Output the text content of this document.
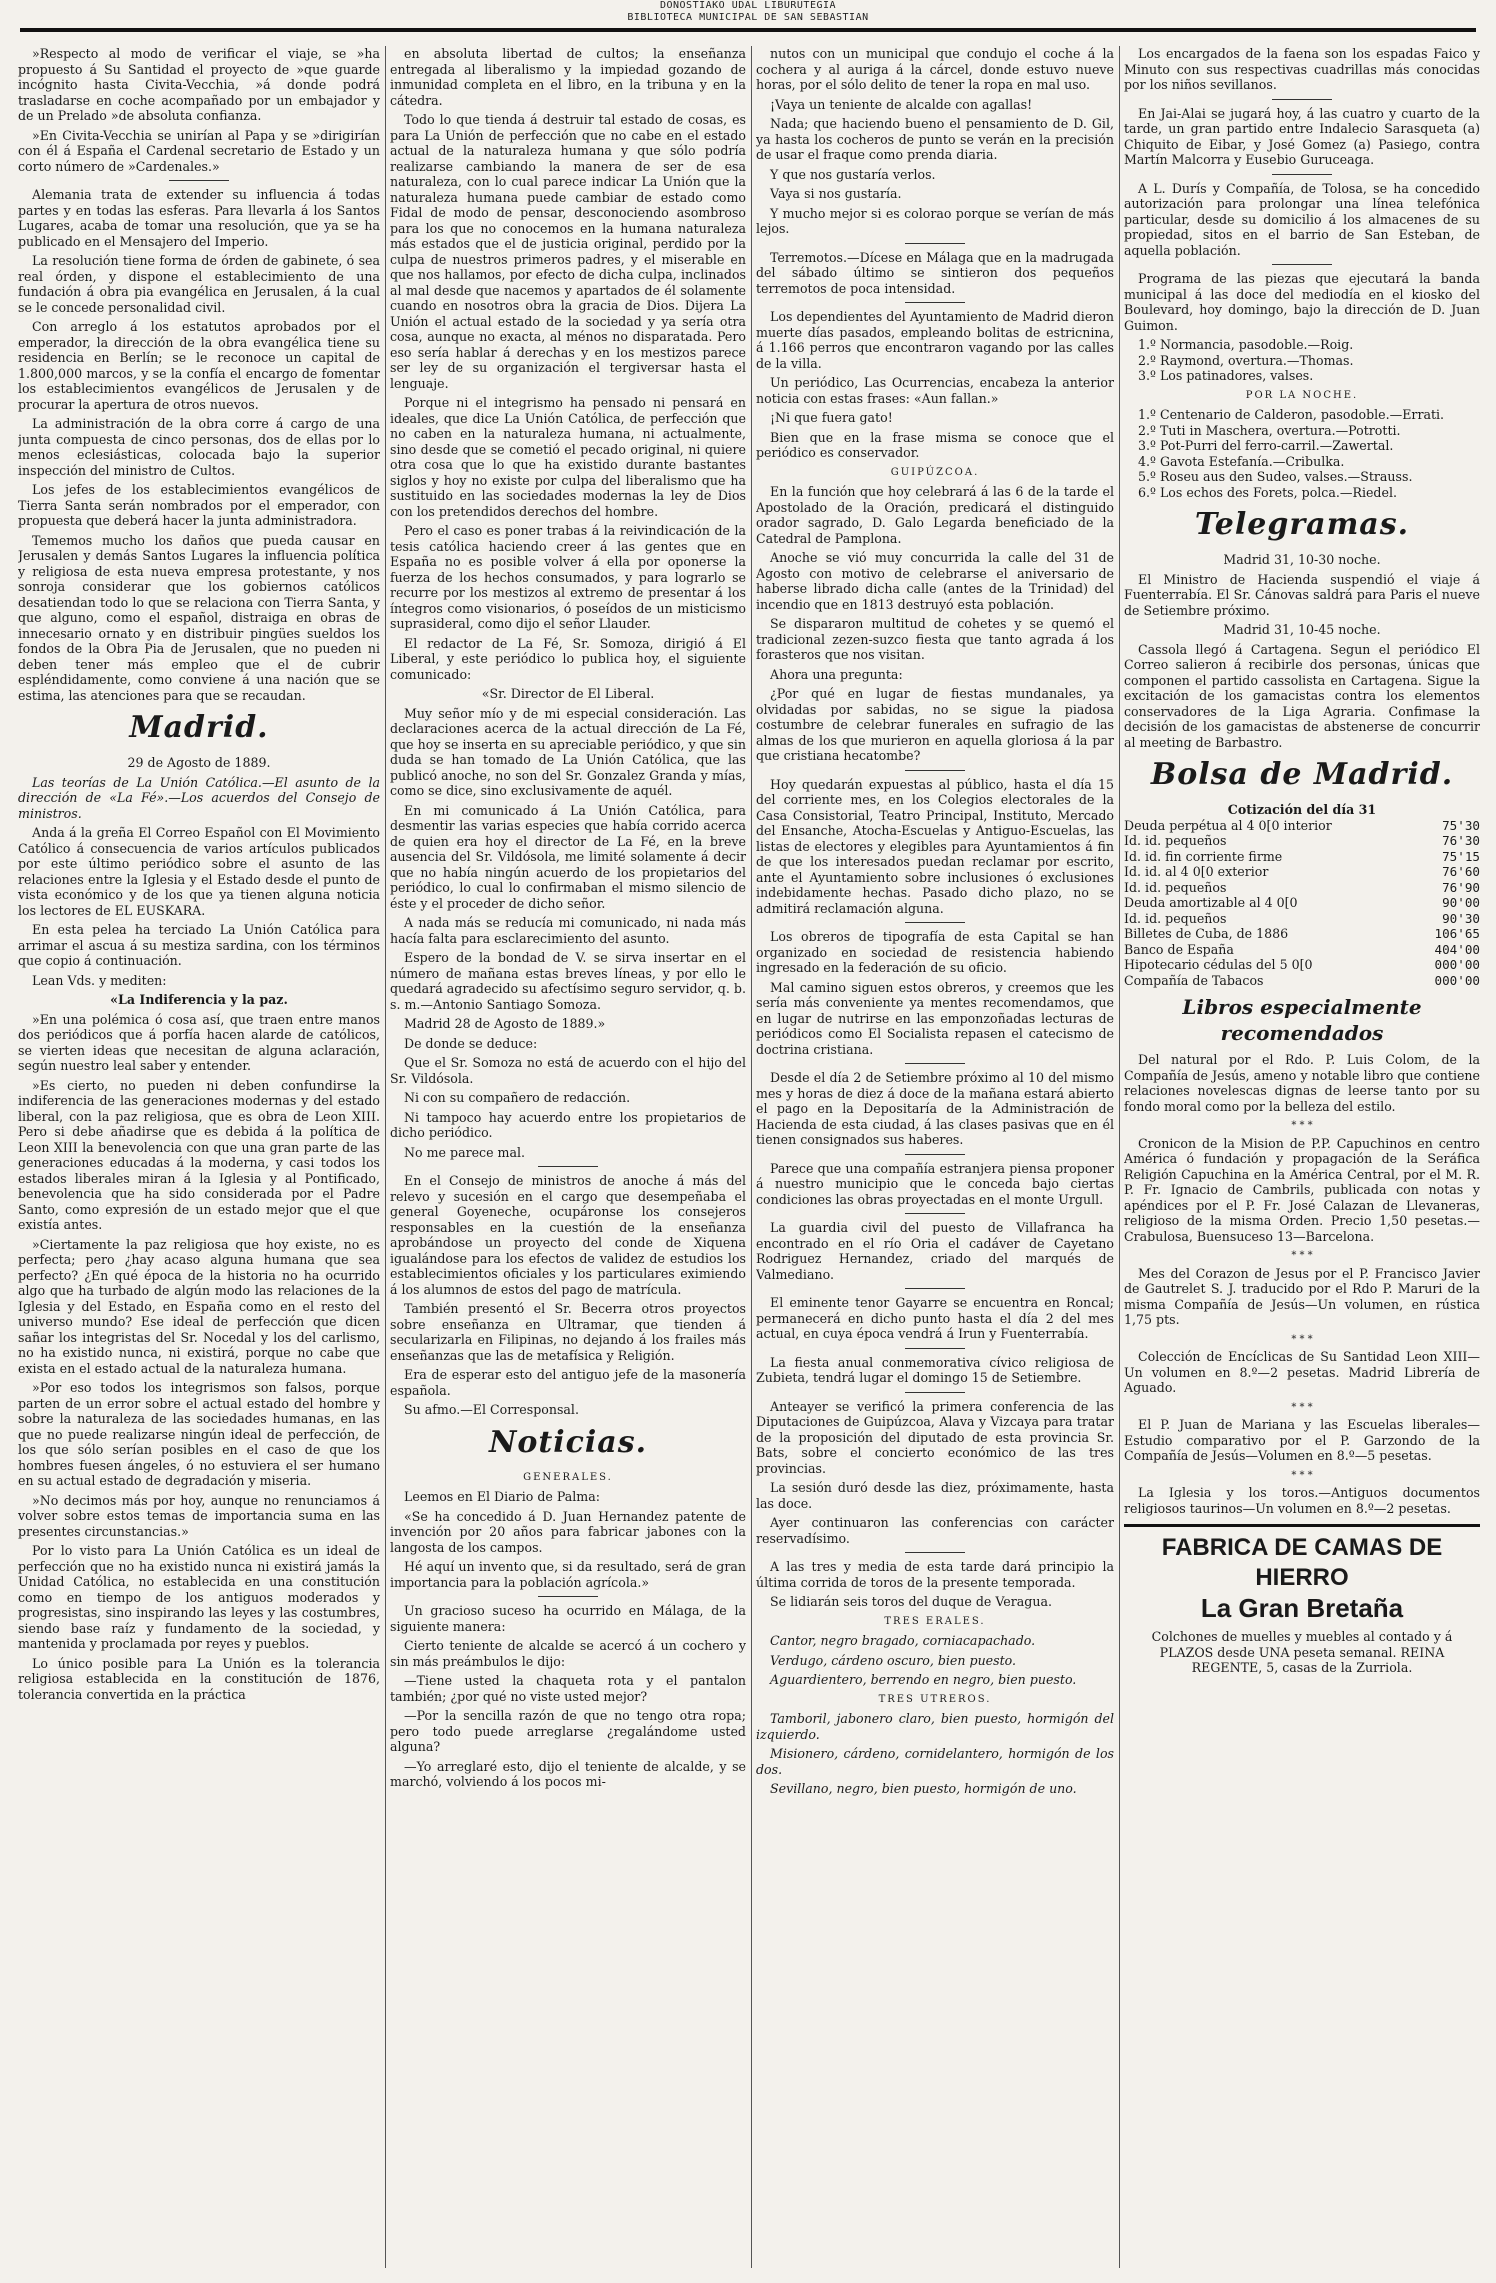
DONOSTIAKO UDAL LIBURUTEGIA
BIBLIOTECA MUNICIPAL DE SAN SEBASTIAN

»Respecto al modo de verificar el viaje, se »ha propuesto á Su Santidad el proyecto de »que guarde incógnito hasta Civita-Vecchia, »á donde podrá trasladarse en coche acompañado por un embajador y de un Prelado »de absoluta confianza.

»En Civita-Vecchia se unirían al Papa y se »dirigirían con él á España el Cardenal secretario de Estado y un corto número de »Cardenales.»

Alemania trata de extender su influencia á todas partes y en todas las esferas. Para llevarla á los Santos Lugares, acaba de tomar una resolución, que ya se ha publicado en el Mensajero del Imperio.

La resolución tiene forma de órden de gabinete, ó sea real órden, y dispone el establecimiento de una fundación á obra pia evangélica en Jerusalen, á la cual se le concede personalidad civil.

Con arreglo á los estatutos aprobados por el emperador, la dirección de la obra evangélica tiene su residencia en Berlín; se le reconoce un capital de 1.800,000 marcos, y se la confía el encargo de fomentar los establecimientos evangélicos de Jerusalen y de procurar la apertura de otros nuevos.

La administración de la obra corre á cargo de una junta compuesta de cinco personas, dos de ellas por lo menos eclesiásticas, colocada bajo la superior inspección del ministro de Cultos.

Los jefes de los establecimientos evangélicos de Tierra Santa serán nombrados por el emperador, con propuesta que deberá hacer la junta administradora.

Tememos mucho los daños que pueda causar en Jerusalen y demás Santos Lugares la influencia política y religiosa de esta nueva empresa protestante, y nos sonroja considerar que los gobiernos católicos desatiendan todo lo que se relaciona con Tierra Santa, y que alguno, como el español, distraiga en obras de innecesario ornato y en distribuir pingües sueldos los fondos de la Obra Pia de Jerusalen, que no pueden ni deben tener más empleo que el de cubrir espléndidamente, como conviene á una nación que se estima, las atenciones para que se recaudan.

Madrid.
29 de Agosto de 1889.

Las teorías de La Unión Católica.—El asunto de la dirección de «La Fé».—Los acuerdos del Consejo de ministros.

Anda á la greña El Correo Español con El Movimiento Católico á consecuencia de varios artículos publicados por este último periódico sobre el asunto de las relaciones entre la Iglesia y el Estado desde el punto de vista económico y de los que ya tienen alguna noticia los lectores de EL EUSKARA.

En esta pelea ha terciado La Unión Católica para arrimar el ascua á su mestiza sardina, con los términos que copio á continuación.

Lean Vds. y mediten:

«La Indiferencia y la paz.

»En una polémica ó cosa así, que traen entre manos dos periódicos que á porfía hacen alarde de católicos, se vierten ideas que necesitan de alguna aclaración, según nuestro leal saber y entender.

»Es cierto, no pueden ni deben confundirse la indiferencia de las generaciones modernas y del estado liberal, con la paz religiosa, que es obra de Leon XIII. Pero si debe añadirse que es debida á la política de Leon XIII la benevolencia con que una gran parte de las generaciones educadas á la moderna, y casi todos los estados liberales miran á la Iglesia y al Pontificado, benevolencia que ha sido considerada por el Padre Santo, como expresión de un estado mejor que el que existía antes.

»Ciertamente la paz religiosa que hoy existe, no es perfecta; pero ¿hay acaso alguna humana que sea perfecto? ¿En qué época de la historia no ha ocurrido algo que ha turbado de algún modo las relaciones de la Iglesia y del Estado, en España como en el resto del universo mundo? Ese ideal de perfección que dicen sañar los integristas del Sr. Nocedal y los del carlismo, no ha existido nunca, ni existirá, porque no cabe que exista en el estado actual de la naturaleza humana.

»Por eso todos los integrismos son falsos, porque parten de un error sobre el actual estado del hombre y sobre la naturaleza de las sociedades humanas, en las que no puede realizarse ningún ideal de perfección, de los que sólo serían posibles en el caso de que los hombres fuesen ángeles, ó no estuviera el ser humano en su actual estado de degradación y miseria.

»No decimos más por hoy, aunque no renunciamos á volver sobre estos temas de importancia suma en las presentes circunstancias.»

Por lo visto para La Unión Católica es un ideal de perfección que no ha existido nunca ni existirá jamás la Unidad Católica, no establecida en una constitución como en tiempo de los antiguos moderados y progresistas, sino inspirando las leyes y las costumbres, siendo base raíz y fundamento de la sociedad, y mantenida y proclamada por reyes y pueblos.

Lo único posible para La Unión es la tolerancia religiosa establecida en la constitución de 1876, tolerancia convertida en la práctica

en absoluta libertad de cultos; la enseñanza entregada al liberalismo y la impiedad gozando de inmunidad completa en el libro, en la tribuna y en la cátedra.

Todo lo que tienda á destruir tal estado de cosas, es para La Unión de perfección que no cabe en el estado actual de la naturaleza humana y que sólo podría realizarse cambiando la manera de ser de esa naturaleza, con lo cual parece indicar La Unión que la naturaleza humana puede cambiar de estado como Fidal de modo de pensar, desconociendo asombroso para los que no conocemos en la humana naturaleza más estados que el de justicia original, perdido por la culpa de nuestros primeros padres, y el miserable en que nos hallamos, por efecto de dicha culpa, inclinados al mal desde que nacemos y apartados de él solamente cuando en nosotros obra la gracia de Dios. Dijera La Unión el actual estado de la sociedad y ya sería otra cosa, aunque no exacta, al ménos no disparatada. Pero eso sería hablar á derechas y en los mestizos parece ser ley de su organización el tergiversar hasta el lenguaje.

Porque ni el integrismo ha pensado ni pensará en ideales, que dice La Unión Católica, de perfección que no caben en la naturaleza humana, ni actualmente, sino desde que se cometió el pecado original, ni quiere otra cosa que lo que ha existido durante bastantes siglos y hoy no existe por culpa del liberalismo que ha sustituido en las sociedades modernas la ley de Dios con los pretendidos derechos del hombre.

Pero el caso es poner trabas á la reivindicación de la tesis católica haciendo creer á las gentes que en España no es posible volver á ella por oponerse la fuerza de los hechos consumados, y para lograrlo se recurre por los mestizos al extremo de presentar á los íntegros como visionarios, ó poseídos de un misticismo suprasideral, como dijo el señor Llauder.

El redactor de La Fé, Sr. Somoza, dirigió á El Liberal, y este periódico lo publica hoy, el siguiente comunicado:

«Sr. Director de El Liberal.

Muy señor mío y de mi especial consideración. Las declaraciones acerca de la actual dirección de La Fé, que hoy se inserta en su apreciable periódico, y que sin duda se han tomado de La Unión Católica, que las publicó anoche, no son del Sr. Gonzalez Granda y mías, como se dice, sino exclusivamente de aquél.

En mi comunicado á La Unión Católica, para desmentir las varias especies que había corrido acerca de quien era hoy el director de La Fé, en la breve ausencia del Sr. Vildósola, me limité solamente á decir que no había ningún acuerdo de los propietarios del periódico, lo cual lo confirmaban el mismo silencio de éste y el proceder de dicho señor.

A nada más se reducía mi comunicado, ni nada más hacía falta para esclarecimiento del asunto.

Espero de la bondad de V. se sirva insertar en el número de mañana estas breves líneas, y por ello le quedará agradecido su afectísimo seguro servidor, q. b. s. m.—Antonio Santiago Somoza.

Madrid 28 de Agosto de 1889.»

De donde se deduce:

Que el Sr. Somoza no está de acuerdo con el hijo del Sr. Vildósola.

Ni con su compañero de redacción.

Ni tampoco hay acuerdo entre los propietarios de dicho periódico.

No me parece mal.

En el Consejo de ministros de anoche á más del relevo y sucesión en el cargo que desempeñaba el general Goyeneche, ocupáronse los consejeros responsables en la cuestión de la enseñanza aprobándose un proyecto del conde de Xiquena igualándose para los efectos de validez de estudios los establecimientos oficiales y los particulares eximiendo á los alumnos de estos del pago de matrícula.

También presentó el Sr. Becerra otros proyectos sobre enseñanza en Ultramar, que tienden á secularizarla en Filipinas, no dejando á los frailes más enseñanzas que las de metafísica y Religión.

Era de esperar esto del antiguo jefe de la masonería española.

Su afmo.—El Corresponsal.

Noticias.
GENERALES.

Leemos en El Diario de Palma:

«Se ha concedido á D. Juan Hernandez patente de invención por 20 años para fabricar jabones con la langosta de los campos.

Hé aquí un invento que, si da resultado, será de gran importancia para la población agrícola.»

Un gracioso suceso ha ocurrido en Málaga, de la siguiente manera:

Cierto teniente de alcalde se acercó á un cochero y sin más preámbulos le dijo:

—Tiene usted la chaqueta rota y el pantalon también; ¿por qué no viste usted mejor?

—Por la sencilla razón de que no tengo otra ropa; pero todo puede arreglarse ¿regalándome usted alguna?

—Yo arreglaré esto, dijo el teniente de alcalde, y se marchó, volviendo á los pocos mi-

nutos con un municipal que condujo el coche á la cochera y al auriga á la cárcel, donde estuvo nueve horas, por el sólo delito de tener la ropa en mal uso.

¡Vaya un teniente de alcalde con agallas!

Nada; que haciendo bueno el pensamiento de D. Gil, ya hasta los cocheros de punto se verán en la precisión de usar el fraque como prenda diaria.

Y que nos gustaría verlos.

Vaya si nos gustaría.

Y mucho mejor si es colorao porque se verían de más lejos.

Terremotos.—Dícese en Málaga que en la madrugada del sábado último se sintieron dos pequeños terremotos de poca intensidad.

Los dependientes del Ayuntamiento de Madrid dieron muerte días pasados, empleando bolitas de estricnina, á 1.166 perros que encontraron vagando por las calles de la villa.

Un periódico, Las Ocurrencias, encabeza la anterior noticia con estas frases: «Aun fallan.»

¡Ni que fuera gato!

Bien que en la frase misma se conoce que el periódico es conservador.

GUIPÚZCOA.

En la función que hoy celebrará á las 6 de la tarde el Apostolado de la Oración, predicará el distinguido orador sagrado, D. Galo Legarda beneficiado de la Catedral de Pamplona.

Anoche se vió muy concurrida la calle del 31 de Agosto con motivo de celebrarse el aniversario de haberse librado dicha calle (antes de la Trinidad) del incendio que en 1813 destruyó esta población.

Se dispararon multitud de cohetes y se quemó el tradicional zezen-suzco fiesta que tanto agrada á los forasteros que nos visitan.

Ahora una pregunta:

¿Por qué en lugar de fiestas mundanales, ya olvidadas por sabidas, no se sigue la piadosa costumbre de celebrar funerales en sufragio de las almas de los que murieron en aquella gloriosa á la par que cristiana hecatombe?

Hoy quedarán expuestas al público, hasta el día 15 del corriente mes, en los Colegios electorales de la Casa Consistorial, Teatro Principal, Instituto, Mercado del Ensanche, Atocha-Escuelas y Antiguo-Escuelas, las listas de electores y elegibles para Ayuntamientos á fin de que los interesados puedan reclamar por escrito, ante el Ayuntamiento sobre inclusiones ó exclusiones indebidamente hechas. Pasado dicho plazo, no se admitirá reclamación alguna.

Los obreros de tipografía de esta Capital se han organizado en sociedad de resistencia habiendo ingresado en la federación de su oficio.

Mal camino siguen estos obreros, y creemos que les sería más conveniente ya mentes recomendamos, que en lugar de nutrirse en las emponzoñadas lecturas de periódicos como El Socialista repasen el catecismo de doctrina cristiana.

Desde el día 2 de Setiembre próximo al 10 del mismo mes y horas de diez á doce de la mañana estará abierto el pago en la Depositaría de la Administración de Hacienda de esta ciudad, á las clases pasivas que en él tienen consignados sus haberes.

Parece que una compañía estranjera piensa proponer á nuestro municipio que le conceda bajo ciertas condiciones las obras proyectadas en el monte Urgull.

La guardia civil del puesto de Villafranca ha encontrado en el río Oria el cadáver de Cayetano Rodriguez Hernandez, criado del marqués de Valmediano.

El eminente tenor Gayarre se encuentra en Roncal; permanecerá en dicho punto hasta el día 2 del mes actual, en cuya época vendrá á Irun y Fuenterrabía.

La fiesta anual conmemorativa cívico religiosa de Zubieta, tendrá lugar el domingo 15 de Setiembre.

Anteayer se verificó la primera conferencia de las Diputaciones de Guipúzcoa, Alava y Vizcaya para tratar de la proposición del diputado de esta provincia Sr. Bats, sobre el concierto económico de las tres provincias.

La sesión duró desde las diez, próximamente, hasta las doce.

Ayer continuaron las conferencias con carácter reservadísimo.

A las tres y media de esta tarde dará principio la última corrida de toros de la presente temporada.

Se lidiarán seis toros del duque de Veragua.

TRES ERALES.

Cantor, negro bragado, corniacapachado.

Verdugo, cárdeno oscuro, bien puesto.

Aguardientero, berrendo en negro, bien puesto.

TRES UTREROS.

Tamboril, jabonero claro, bien puesto, hormigón del izquierdo.

Misionero, cárdeno, cornidelantero, hormigón de los dos.

Sevillano, negro, bien puesto, hormigón de uno.

Los encargados de la faena son los espadas Faico y Minuto con sus respectivas cuadrillas más conocidas por los niños sevillanos.

En Jai-Alai se jugará hoy, á las cuatro y cuarto de la tarde, un gran partido entre Indalecio Sarasqueta (a) Chiquito de Eibar, y José Gomez (a) Pasiego, contra Martín Malcorra y Eusebio Guruceaga.

A L. Durís y Compañía, de Tolosa, se ha concedido autorización para prolongar una línea telefónica particular, desde su domicilio á los almacenes de su propiedad, sitos en el barrio de San Esteban, de aquella población.

Programa de las piezas que ejecutará la banda municipal á las doce del mediodía en el kiosko del Boulevard, hoy domingo, bajo la dirección de D. Juan Guimon.

1.º Normancia, pasodoble.—Roig.
2.º Raymond, overtura.—Thomas.
3.º Los patinadores, valses.
POR LA NOCHE.
1.º Centenario de Calderon, pasodoble.—Errati.
2.º Tuti in Maschera, overtura.—Potrotti.
3.º Pot-Purri del ferro-carril.—Zawertal.
4.º Gavota Estefanía.—Cribulka.
5.º Roseu aus den Sudeo, valses.—Strauss.
6.º Los echos des Forets, polca.—Riedel.
Telegramas.
Madrid 31, 10-30 noche.

El Ministro de Hacienda suspendió el viaje á Fuenterrabía. El Sr. Cánovas saldrá para Paris el nueve de Setiembre próximo.

Madrid 31, 10-45 noche.

Cassola llegó á Cartagena. Segun el periódico El Correo salieron á recibirle dos personas, únicas que componen el partido cassolista en Cartagena. Sigue la excitación de los gamacistas contra los elementos conservadores de la Liga Agraria. Confimase la decisión de los gamacistas de abstenerse de concurrir al meeting de Barbastro.

Bolsa de Madrid.
Cotización del día 31
Deuda perpétua al 4 0[0 interior	75'30
Id. id. pequeños	76'30
Id. id. fin corriente firme	75'15
Id. id. al 4 0[0 exterior	76'60
Id. id. pequeños	76'90
Deuda amortizable al 4 0[0	90'00
Id. id. pequeños	90'30
Billetes de Cuba, de 1886	106'65
Banco de España	404'00
Hipotecario cédulas del 5 0[0	000'00
Compañía de Tabacos	000'00
Libros especialmente recomendados

Del natural por el Rdo. P. Luis Colom, de la Compañía de Jesús, ameno y notable libro que contiene relaciones novelescas dignas de leerse tanto por su fondo moral como por la belleza del estilo.

* * *

Cronicon de la Mision de P.P. Capuchinos en centro América ó fundación y propagación de la Seráfica Religión Capuchina en la América Central, por el M. R. P. Fr. Ignacio de Cambrils, publicada con notas y apéndices por el P. Fr. José Calazan de Llevaneras, religioso de la misma Orden. Precio 1,50 pesetas.—Crabulosa, Buensuceso 13—Barcelona.

* * *

Mes del Corazon de Jesus por el P. Francisco Javier de Gautrelet S. J. traducido por el Rdo P. Maruri de la misma Compañía de Jesús—Un volumen, en rústica 1,75 pts.

* * *

Colección de Encíclicas de Su Santidad Leon XIII—Un volumen en 8.º—2 pesetas. Madrid Librería de Aguado.

* * *

El P. Juan de Mariana y las Escuelas liberales—Estudio comparativo por el P. Garzondo de la Compañía de Jesús—Volumen en 8.º—5 pesetas.

* * *

La Iglesia y los toros.—Antiguos documentos religiosos taurinos—Un volumen en 8.º—2 pesetas.

FABRICA DE CAMAS DE HIERRO
La Gran Bretaña

Colchones de muelles y muebles al contado y á PLAZOS desde UNA peseta semanal. REINA REGENTE, 5, casas de la Zurriola.
